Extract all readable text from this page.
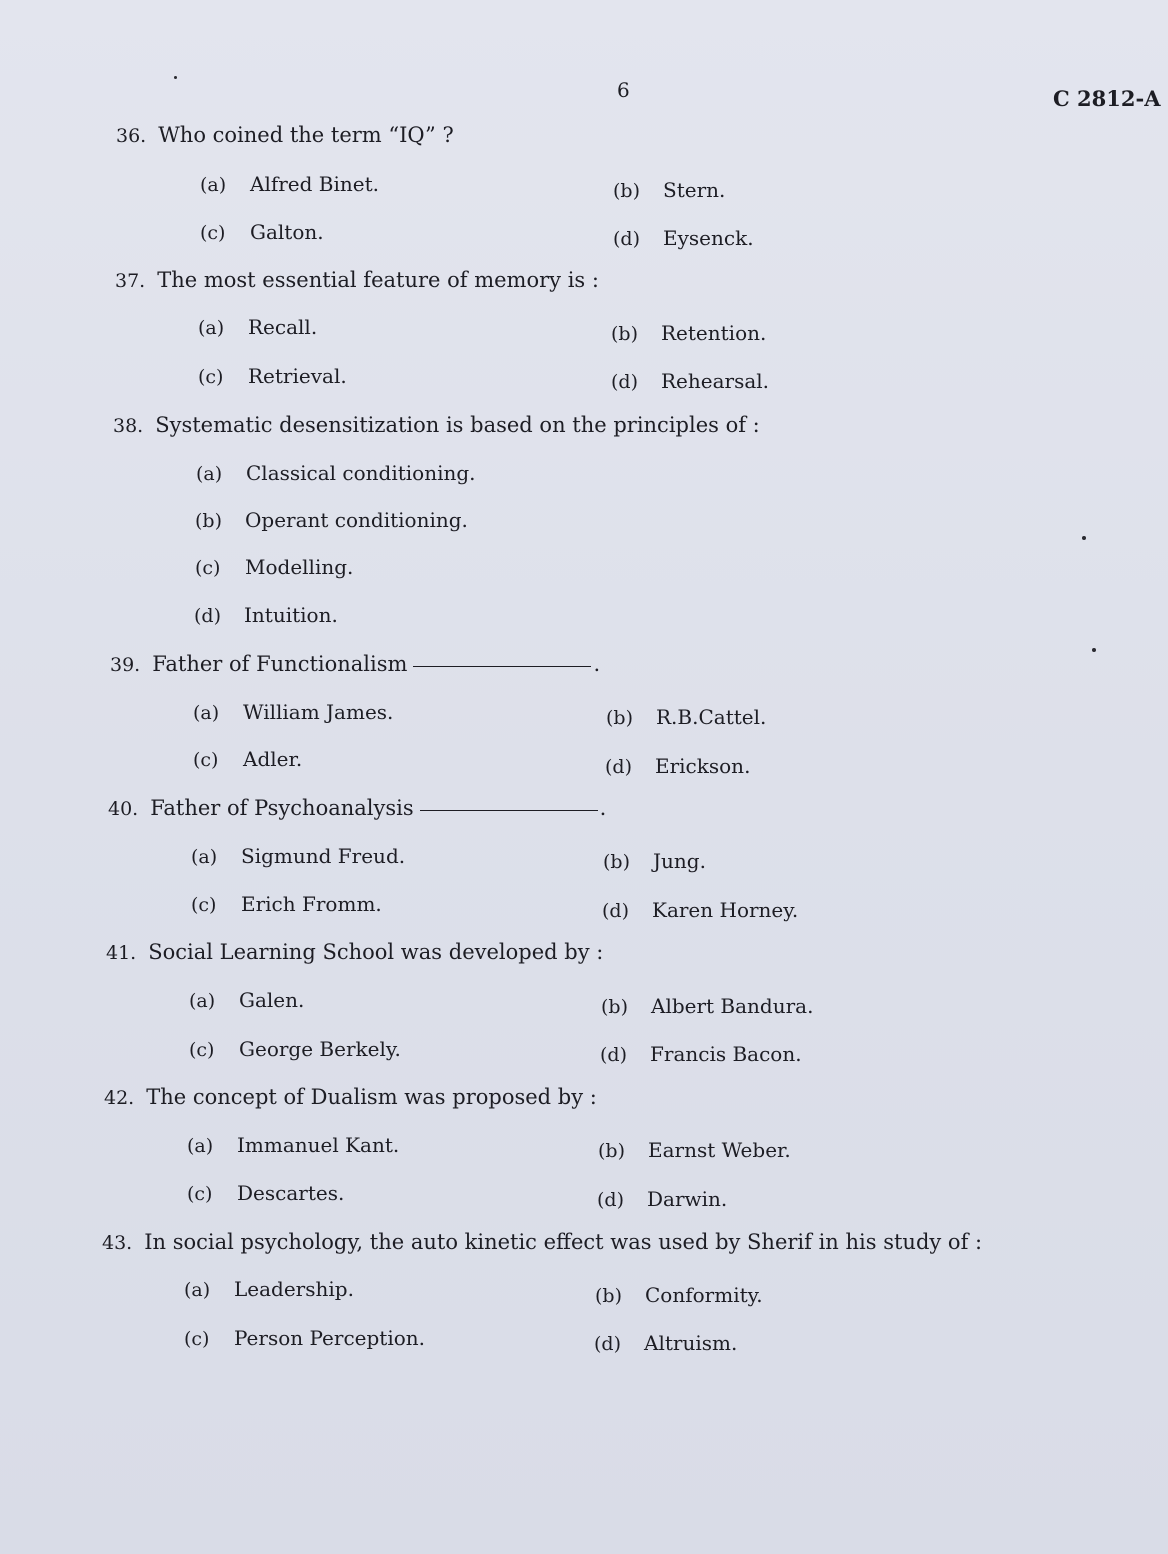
6	C 2812-A
36. Who coined the term “IQ” ?
(a) Alfred Binet.	(b) Stern.
(c) Galton.	(d) Eysenck.
37. The most essential feature of memory is :
(a) Recall.	(b) Retention.
(c) Retrieval.	(d) Rehearsal.
38. Systematic desensitization is based on the principles of :
(a) Classical conditioning.
(b) Operant conditioning.
(c) Modelling.
(d) Intuition.
39. Father of Functionalism	.
(a) William James.	(b) R.B.Cattel.
(c) Adler.	(d) Erickson.
40. Father of Psychoanalysis	.
(a) Sigmund Freud.	(b) Jung.
(c) Erich Fromm.	(d) Karen Horney.
41. Social Learning School was developed by :
(a) Galen.	(b) Albert Bandura.
(c) George Berkely.	(d) Francis Bacon.
42. The concept of Dualism was proposed by :
(a) Immanuel Kant.	(b) Earnst Weber.
(c) Descartes.	(d) Darwin.
43. In social psychology, the auto kinetic effect was used by Sherif in his study of :
(a) Leadership.	(b) Conformity.
(c) Person Perception.	(d) Altruism.
